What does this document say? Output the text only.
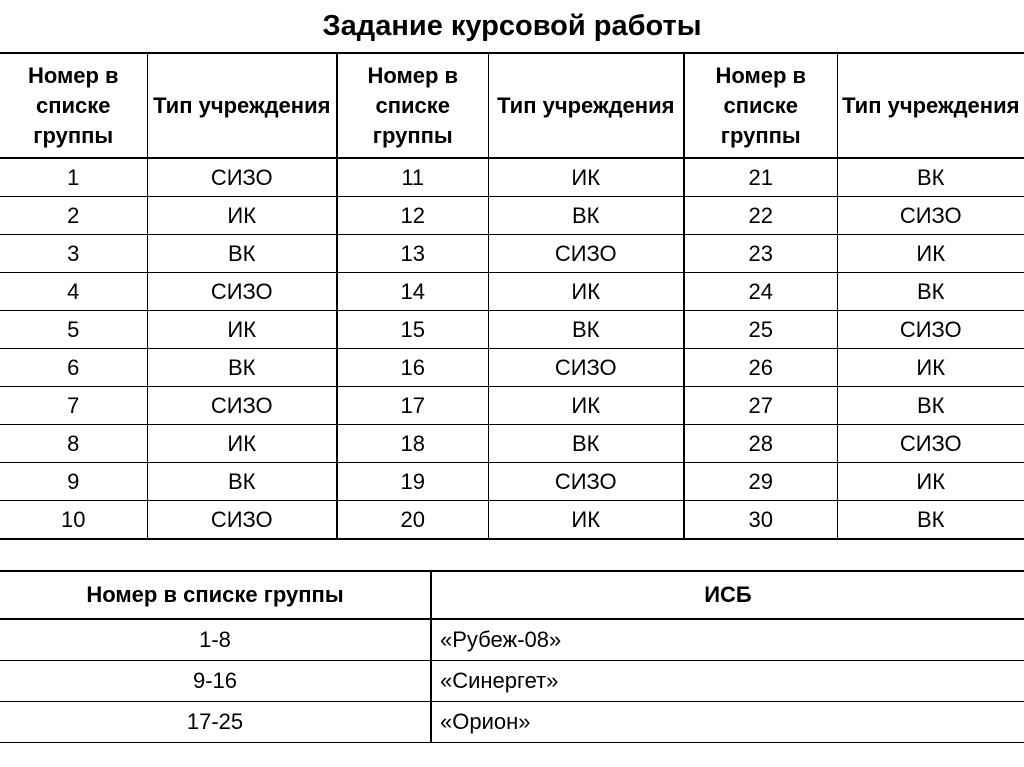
Задание курсовой работы
Номер в списке группы	Тип учреждения	Номер в списке группы	Тип учреждения	Номер в списке группы	Тип учреждения
1	СИЗО	11	ИК	21	ВК
2	ИК	12	ВК	22	СИЗО
3	ВК	13	СИЗО	23	ИК
4	СИЗО	14	ИК	24	ВК
5	ИК	15	ВК	25	СИЗО
6	ВК	16	СИЗО	26	ИК
7	СИЗО	17	ИК	27	ВК
8	ИК	18	ВК	28	СИЗО
9	ВК	19	СИЗО	29	ИК
10	СИЗО	20	ИК	30	ВК
Номер в списке группы	ИСБ
1-8	«Рубеж-08»
9-16	«Синергет»
17-25	«Орион»
